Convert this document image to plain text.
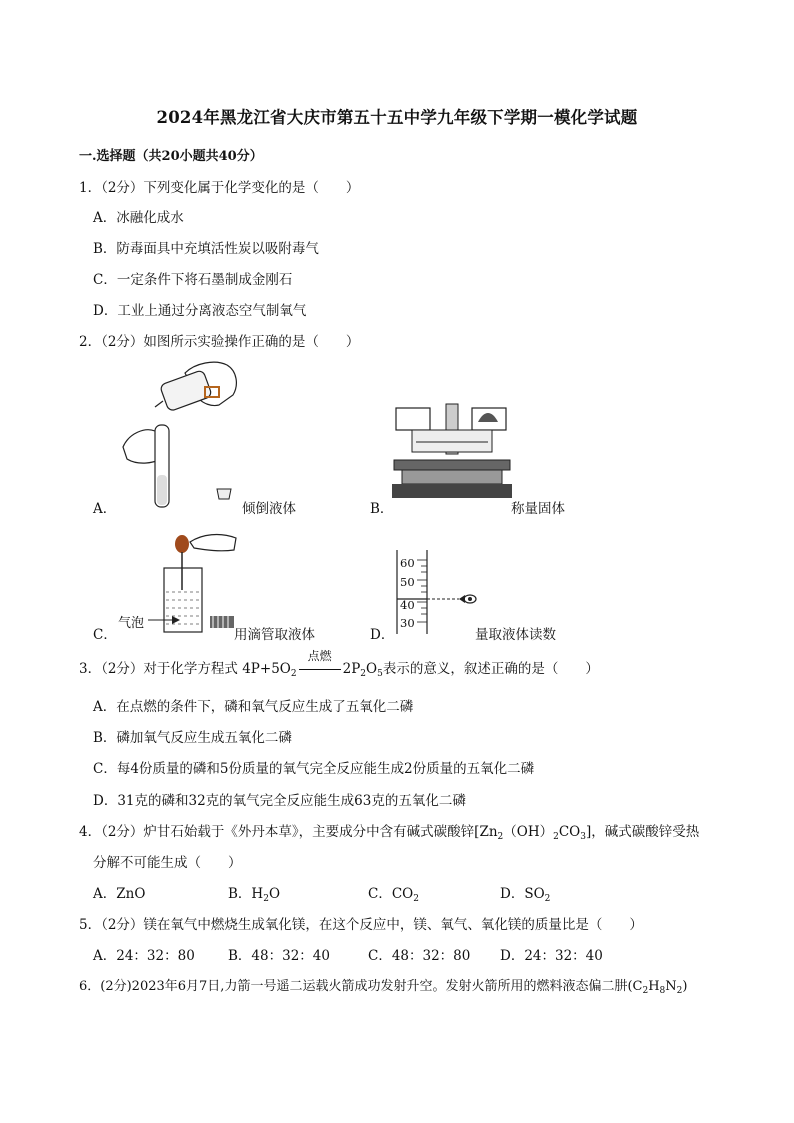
2024年黑龙江省大庆市第五十五中学九年级下学期一模化学试题
一.选择题（共20小题共40分）
1．（2分）下列变化属于化学变化的是（　　）
A．冰融化成水
B．防毒面具中充填活性炭以吸附毒气
C．一定条件下将石墨制成金刚石
D．工业上通过分离液态空气制氧气
2．（2分）如图所示实验操作正确的是（　　）
A．	倾倒液体	B．	称量固体
气泡
C．	用滴管取液体
60
50
40
30
D．	量取液体读数
3．（2分）对于化学方程式 $4P+5O_2$
点燃
$2P_2O_5$表示的意义，叙述正确的是（　　）
A．在点燃的条件下，磷和氧气反应生成了五氧化二磷
B．磷加氧气反应生成五氧化二磷
C．每4份质量的磷和5份质量的氧气完全反应能生成2份质量的五氧化二磷
D．31克的磷和32克的氧气完全反应能生成63克的五氧化二磷
4．（2分）炉甘石始载于《外丹本草》，主要成分中含有碱式碳酸锌$[Zn_2(OH)_2CO_3]$，碱式碳酸锌受热
分解不可能生成（　　）
A．ZnO	B．$H_2O$	C．$CO_2$	D．$SO_2$
5．（2分）镁在氧气中燃烧生成氧化镁，在这个反应中，镁、氧气、氧化镁的质量比是（　　）
A．24：32：80 B．48：32：40	C．48：32：80 D．24：32：40
6．(2分)2023年6月7日,力箭一号遥二运载火箭成功发射升空。发射火箭所用的燃料液态偏二肼$(C_2H_8N_2)$
